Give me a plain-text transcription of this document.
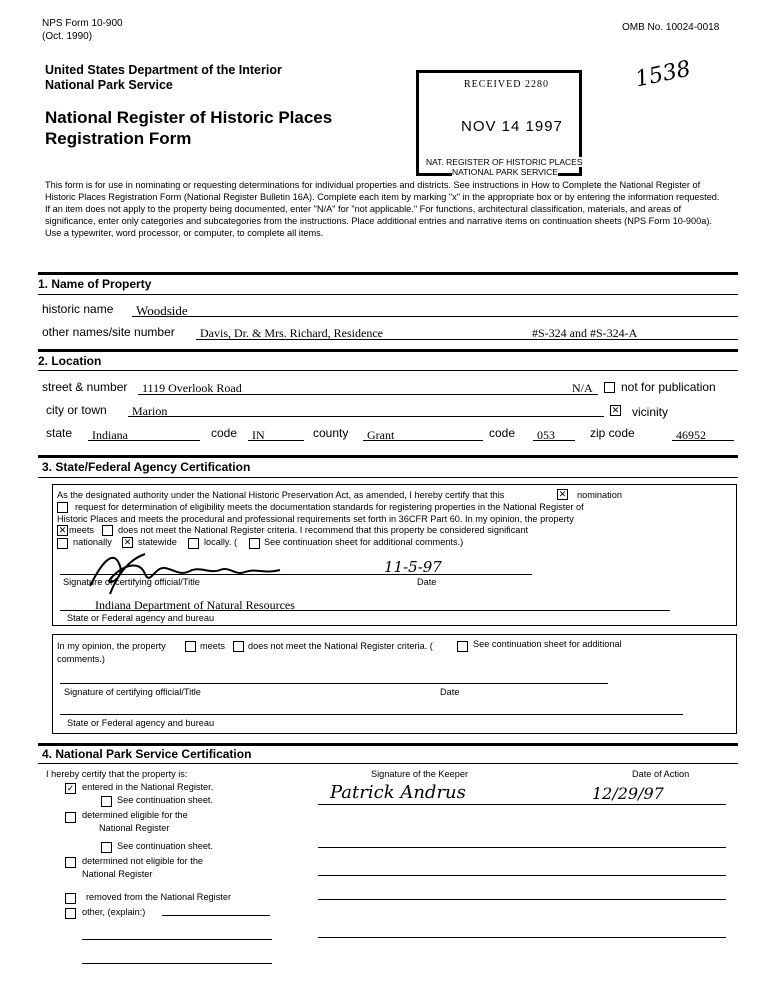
NPS Form 10-900
(Oct. 1990)
OMB No. 10024-0018
United States Department of the Interior
National Park Service
National Register of Historic Places
Registration Form
1538
RECEIVED 2280
NOV 14 1997
NAT. REGISTER OF HISTORIC PLACES
NATIONAL PARK SERVICE

This form is for use in nominating or requesting determinations for individual properties and districts. See instructions in How to Complete the National Register of Historic Places Registration Form (National Register Bulletin 16A). Complete each item by marking "x" in the appropriate box or by entering the information requested. If an item does not apply to the property being documented, enter "N/A" for "not applicable." For functions, architectural classification, materials, and areas of significance, enter only categories and subcategories from the instructions. Place additional entries and narrative items on continuation sheets (NPS Form 10-900a). Use a typewriter, word processor, or computer, to complete all items.

1. Name of Property
historic name Woodside
other names/site number Davis, Dr. & Mrs. Richard, Residence	#S-324 and #S-324-A
2. Location
street & number 1119 Overlook Road	N/A not for publication
city or town Marion	✕ vicinity
state Indiana	code IN	county Grant	code 053	zip code	46952
3. State/Federal Agency Certification
As the designated authority under the National Historic Preservation Act, as amended, I hereby certify that this	✕ nomination
request for determination of eligibility meets the documentation standards for registering properties in the National Register of
Historic Places and meets the procedural and professional requirements set forth in 36CFR Part 60. In my opinion, the property
✕ meets	does not meet the National Register criteria. I recommend that this property be considered significant
nationally ✕ statewide	locally. (	See continuation sheet for additional comments.)
11-5-97
Signature of certifying official/Title	Date
Indiana Department of Natural Resources
State or Federal agency and bureau
In my opinion, the property	meets does not meet the National Register criteria. (	See continuation sheet for additional
comments.)
Signature of certifying official/Title	Date
State or Federal agency and bureau
4. National Park Service Certification
I hereby certify that the property is:	Signature of the Keeper	Date of Action
Patrick Andrus	12/29/97
✓ entered in the National Register.
See continuation sheet.
determined eligible for the
National Register
See continuation sheet.
determined not eligible for the
National Register
removed from the National Register
other, (explain:)
